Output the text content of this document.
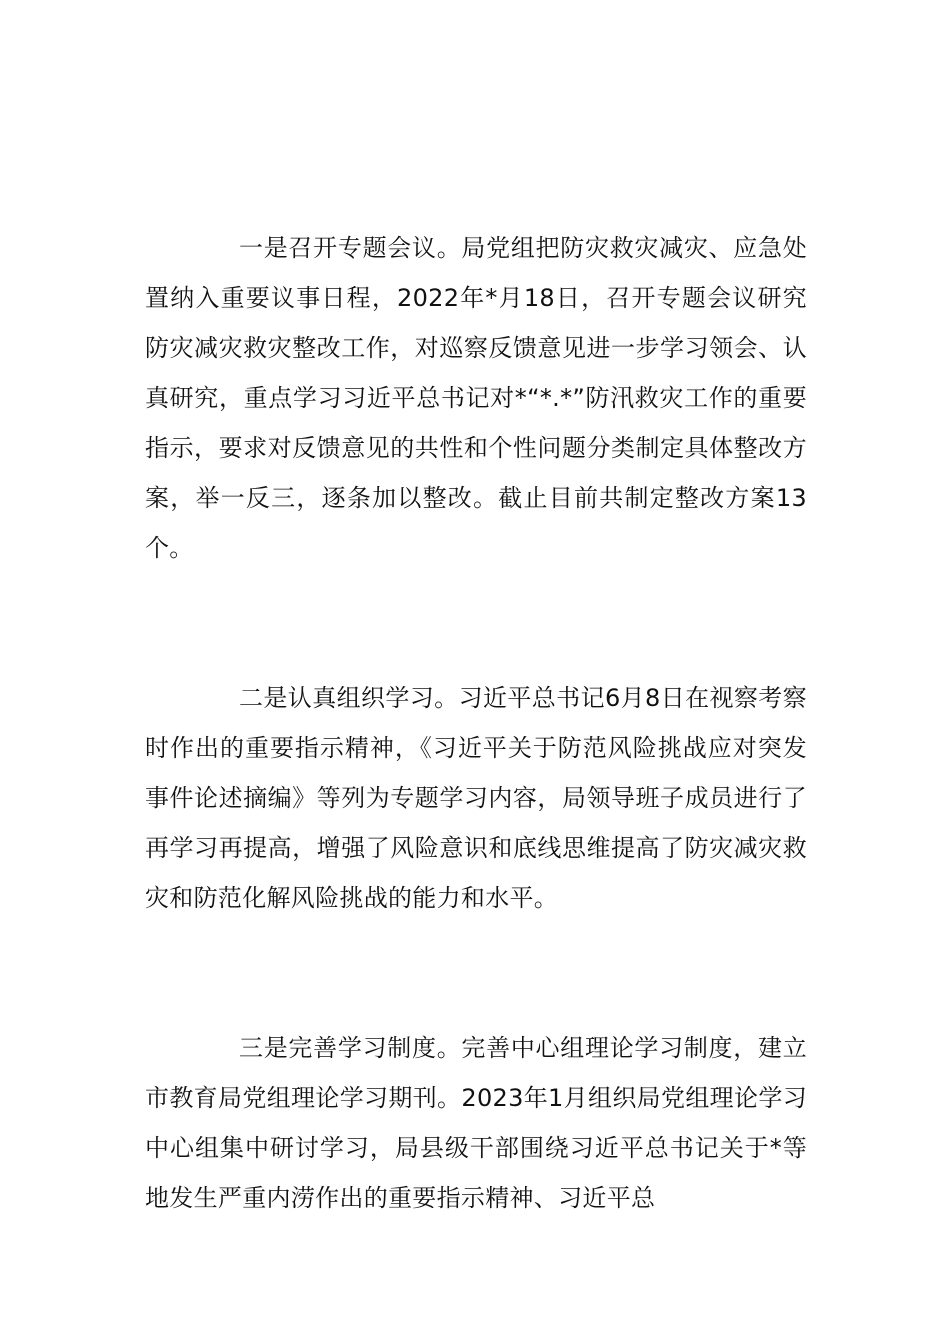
一是召开专题会议。局党组把防灾救灾减灾、应急处置纳入重要议事日程，2022年*月18日，召开专题会议研究防灾减灾救灾整改工作，对巡察反馈意见进一步学习领会、认真研究，重点学习习近平总书记对*“*.*”防汛救灾工作的重要指示，要求对反馈意见的共性和个性问题分类制定具体整改方案，举一反三，逐条加以整改。截止目前共制定整改方案13个。

二是认真组织学习。习近平总书记6月8日在视察考察时作出的重要指示精神，《习近平关于防范风险挑战应对突发事件论述摘编》等列为专题学习内容，局领导班子成员进行了再学习再提高，增强了风险意识和底线思维提高了防灾减灾救灾和防范化解风险挑战的能力和水平。

三是完善学习制度。完善中心组理论学习制度，建立市教育局党组理论学习期刊。2023年1月组织局党组理论学习中心组集中研讨学习，局县级干部围绕习近平总书记关于*等地发生严重内涝作出的重要指示精神、习近平总
